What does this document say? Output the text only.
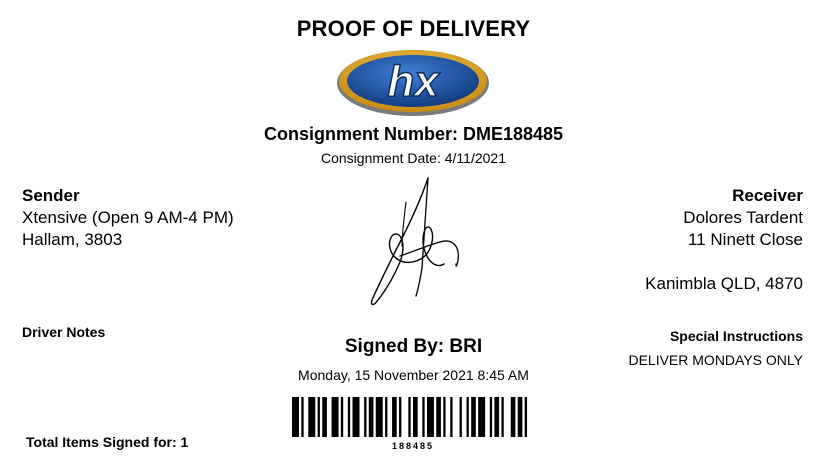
PROOF OF DELIVERY
hx
Consignment Number: DME188485
Consignment Date: 4/11/2021
Sender
Xtensive (Open 9 AM-4 PM)
Hallam, 3803
Receiver
Dolores Tardent
11 Ninett Close
Kanimbla QLD, 4870
Driver Notes	Special Instructions
DELIVER MONDAYS ONLY
Signed By: BRI
Monday, 15 November 2021 8:45 AM
188485
Total Items Signed for: 1
